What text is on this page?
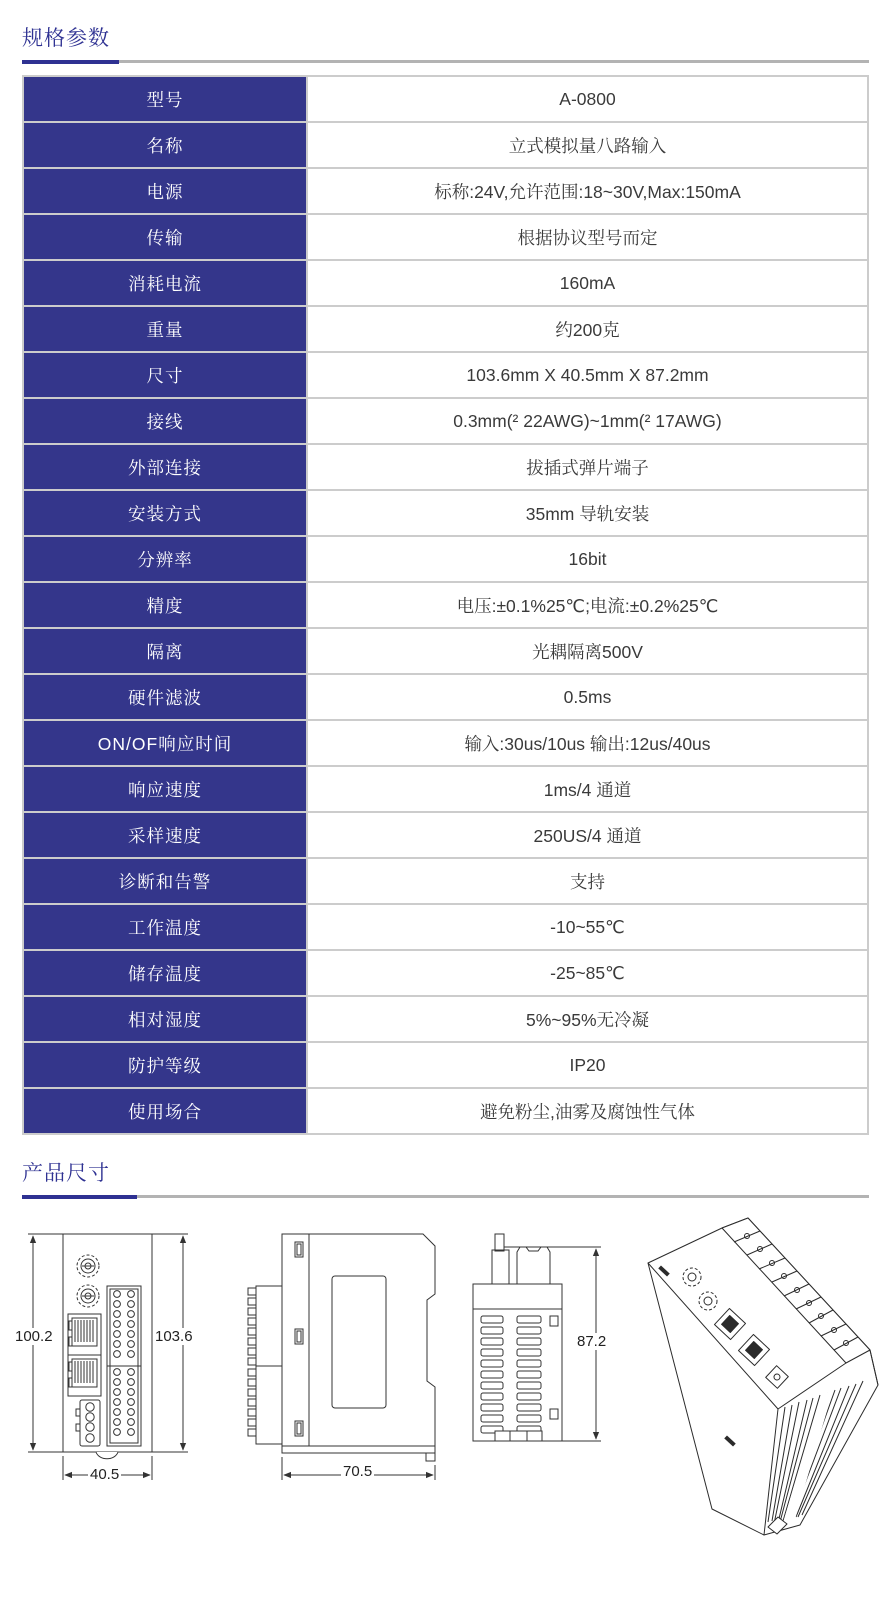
规格参数
型号	A-0800
名称	立式模拟量八路输入
电源	标称:24V,允许范围:18~30V,Max:150mA
传输	根据协议型号而定
消耗电流	160mA
重量	约200克
尺寸	103.6mm X 40.5mm X 87.2mm
接线	0.3mm(² 22AWG)~1mm(² 17AWG)
外部连接	拔插式弹片端子
安装方式	35mm 导轨安装
分辨率	16bit
精度	电压:±0.1%25℃;电流:±0.2%25℃
隔离	光耦隔离500V
硬件滤波	0.5ms
ON/OF响应时间	输入:30us/10us 输出:12us/40us
响应速度	1ms/4 通道
采样速度	250US/4 通道
诊断和告警	支持
工作温度	-10~55℃
储存温度	-25~85℃
相对湿度	5%~95%无冷凝
防护等级	IP20
使用场合	避免粉尘,油雾及腐蚀性气体
产品尺寸
100.2	103.6
40.5	70.5
87.2
